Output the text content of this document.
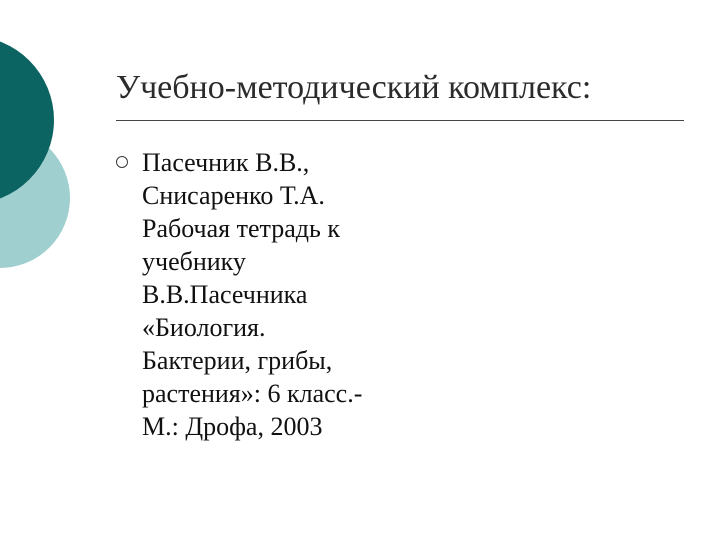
Учебно-методический комплекс:
Пасечник В.В.,
Снисаренко Т.А.
Рабочая тетрадь к
учебнику
В.В.Пасечника
«Биология.
Бактерии, грибы,
растения»: 6 класс.-
М.: Дрофа, 2003
